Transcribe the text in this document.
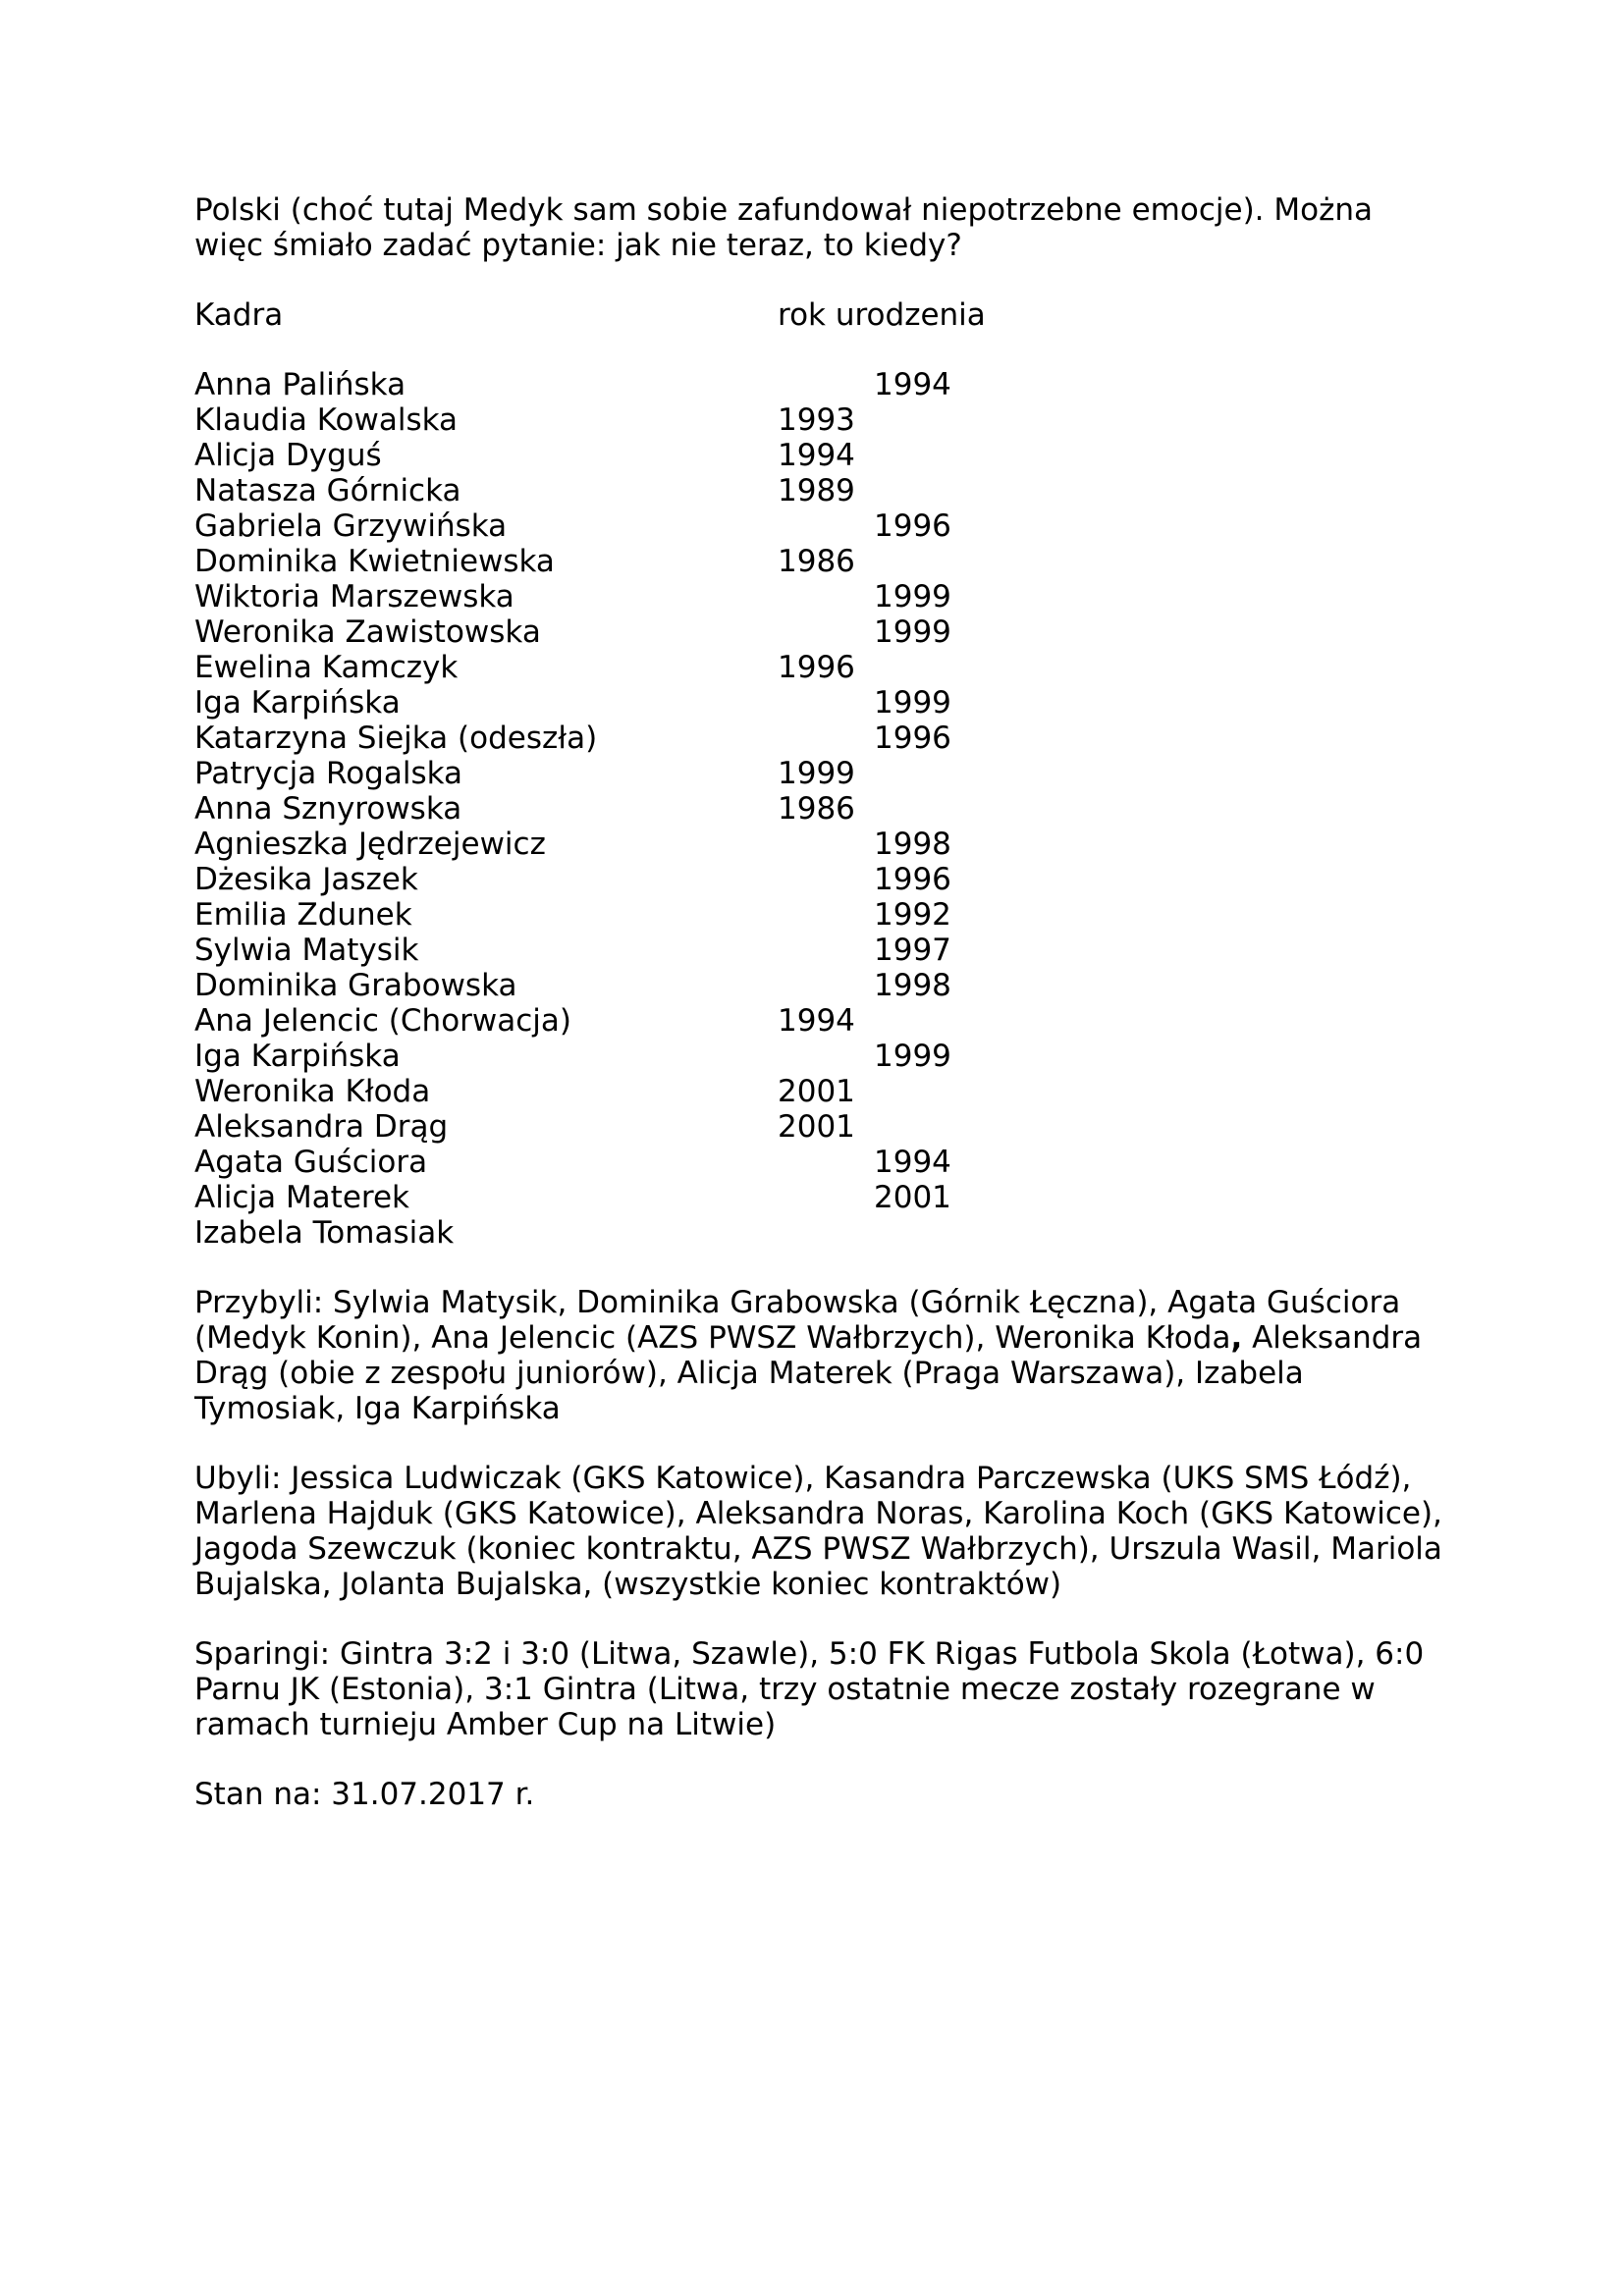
Polski (choć tutaj Medyk sam sobie zafundował niepotrzebne emocje). Można
więc śmiało zadać pytanie: jak nie teraz, to kiedy?
Kadra	rok urodzenia
Anna Palińska	1994
Klaudia Kowalska	1993
Alicja Dyguś	1994
Natasza Górnicka	1989
Gabriela Grzywińska	1996
Dominika Kwietniewska	1986
Wiktoria Marszewska	1999
Weronika Zawistowska	1999
Ewelina Kamczyk	1996
Iga Karpińska	1999
Katarzyna Siejka (odeszła)	1996
Patrycja Rogalska	1999
Anna Sznyrowska	1986
Agnieszka Jędrzejewicz	1998
Dżesika Jaszek	1996
Emilia Zdunek	1992
Sylwia Matysik	1997
Dominika Grabowska	1998
Ana Jelencic (Chorwacja)	1994
Iga Karpińska	1999
Weronika Kłoda	2001
Aleksandra Drąg	2001
Agata Guściora	1994
Alicja Materek	2001
Izabela Tomasiak
Przybyli: Sylwia Matysik, Dominika Grabowska (Górnik Łęczna), Agata Guściora
(Medyk Konin), Ana Jelencic (AZS PWSZ Wałbrzych), Weronika Kłoda, Aleksandra
Drąg (obie z zespołu juniorów), Alicja Materek (Praga Warszawa), Izabela
Tymosiak, Iga Karpińska
Ubyli: Jessica Ludwiczak (GKS Katowice), Kasandra Parczewska (UKS SMS Łódź),
Marlena Hajduk (GKS Katowice), Aleksandra Noras, Karolina Koch (GKS Katowice),
Jagoda Szewczuk (koniec kontraktu, AZS PWSZ Wałbrzych), Urszula Wasil, Mariola
Bujalska, Jolanta Bujalska, (wszystkie koniec kontraktów)
Sparingi: Gintra 3:2 i 3:0 (Litwa, Szawle), 5:0 FK Rigas Futbola Skola (Łotwa), 6:0
Parnu JK (Estonia), 3:1 Gintra (Litwa, trzy ostatnie mecze zostały rozegrane w
ramach turnieju Amber Cup na Litwie)
Stan na: 31.07.2017 r.
